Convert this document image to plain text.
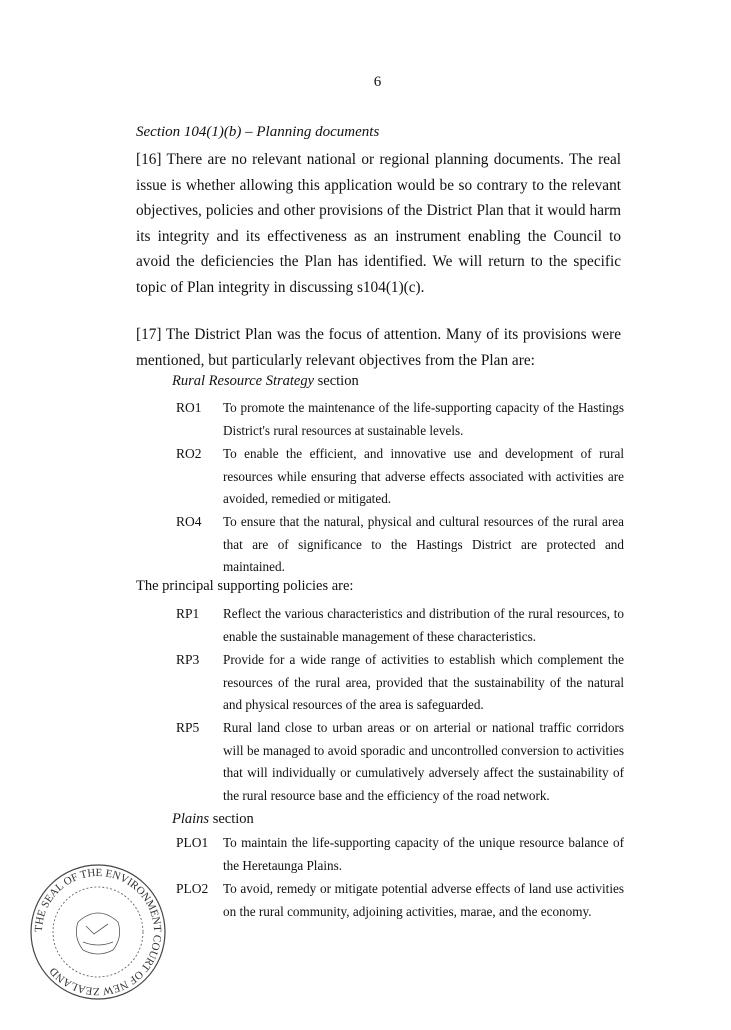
6
Section 104(1)(b) – Planning documents
[16] There are no relevant national or regional planning documents. The real issue is whether allowing this application would be so contrary to the relevant objectives, policies and other provisions of the District Plan that it would harm its integrity and its effectiveness as an instrument enabling the Council to avoid the deficiencies the Plan has identified. We will return to the specific topic of Plan integrity in discussing s104(1)(c).
[17] The District Plan was the focus of attention. Many of its provisions were mentioned, but particularly relevant objectives from the Plan are:
Rural Resource Strategy section
RO1 To promote the maintenance of the life-supporting capacity of the Hastings District's rural resources at sustainable levels.
RO2 To enable the efficient, and innovative use and development of rural resources while ensuring that adverse effects associated with activities are avoided, remedied or mitigated.
RO4 To ensure that the natural, physical and cultural resources of the rural area that are of significance to the Hastings District are protected and maintained.
The principal supporting policies are:
RP1 Reflect the various characteristics and distribution of the rural resources, to enable the sustainable management of these characteristics.
RP3 Provide for a wide range of activities to establish which complement the resources of the rural area, provided that the sustainability of the natural and physical resources of the area is safeguarded.
RP5 Rural land close to urban areas or on arterial or national traffic corridors will be managed to avoid sporadic and uncontrolled conversion to activities that will individually or cumulatively adversely affect the sustainability of the rural resource base and the efficiency of the road network.
Plains section
PLO1 To maintain the life-supporting capacity of the unique resource balance of the Heretaunga Plains.
PLO2 To avoid, remedy or mitigate potential adverse effects of land use activities on the rural community, adjoining activities, marae, and the economy.
THE SEAL OF THE ENVIRONMENT COURT OF NEW ZEALAND
